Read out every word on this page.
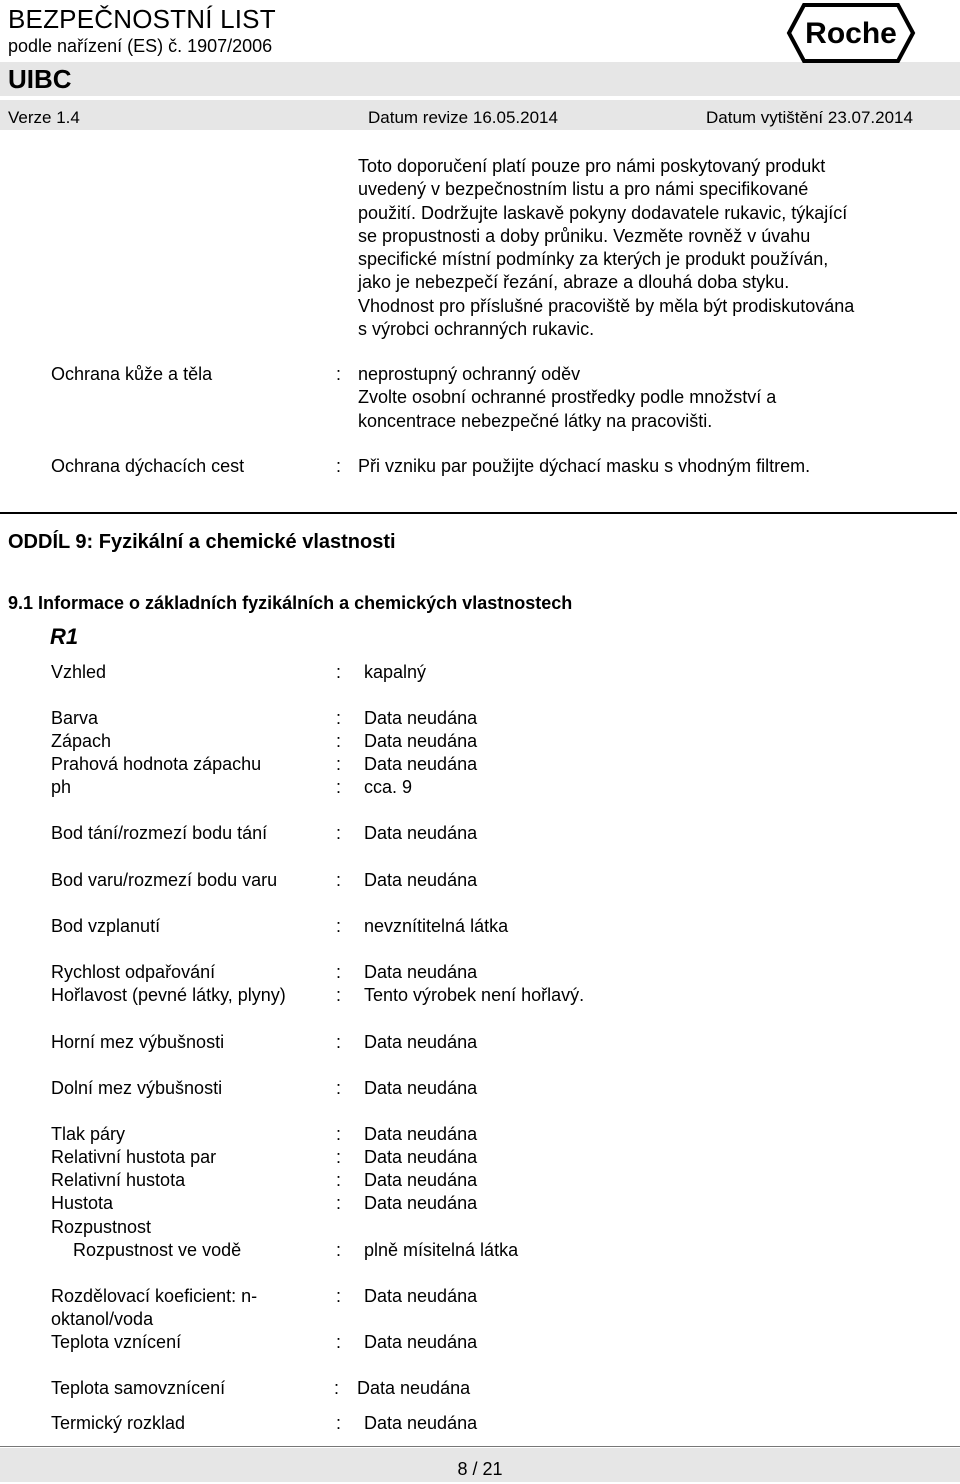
BEZPEČNOSTNÍ LIST
podle nařízení (ES) č. 1907/2006
UIBC
Verze 1.4	Datum revize 16.05.2014	Datum vytištění 23.07.2014
Roche
Toto doporučení platí pouze pro námi poskytovaný produkt
uvedený v bezpečnostním listu a pro námi specifikované
použití. Dodržujte laskavě pokyny dodavatele rukavic, týkající
se propustnosti a doby průniku. Vezměte rovněž v úvahu
specifické místní podmínky za kterých je produkt používán,
jako je nebezpečí řezání, abraze a dlouhá doba styku.
Vhodnost pro příslušné pracoviště by měla být prodiskutována
s výrobci ochranných rukavic.
Ochrana kůže a těla	: neprostupný ochranný oděv
Zvolte osobní ochranné prostředky podle množství a
koncentrace nebezpečné látky na pracovišti.
Ochrana dýchacích cest	: Při vzniku par použijte dýchací masku s vhodným filtrem.
ODDÍL 9: Fyzikální a chemické vlastnosti
9.1 Informace o základních fyzikálních a chemických vlastnostech
R1
Vzhled	: kapalný
Barva	: Data neudána
Zápach	: Data neudána
Prahová hodnota zápachu	: Data neudána
ph	: cca. 9
Bod tání/rozmezí bodu tání	: Data neudána
Bod varu/rozmezí bodu varu	: Data neudána
Bod vzplanutí	: nevznítitelná látka
Rychlost odpařování	: Data neudána
Hořlavost (pevné látky, plyny)	: Tento výrobek není hořlavý.
Horní mez výbušnosti	: Data neudána
Dolní mez výbušnosti	: Data neudána
Tlak páry	: Data neudána
Relativní hustota par	: Data neudána
Relativní hustota	: Data neudána
Hustota	: Data neudána
Rozpustnost
Rozpustnost ve vodě	: plně mísitelná látka
Rozdělovací koeficient: n-	: Data neudána
oktanol/voda
Teplota vznícení	: Data neudána
Teplota samovznícení	: Data neudána
Termický rozklad	: Data neudána
8 / 21
